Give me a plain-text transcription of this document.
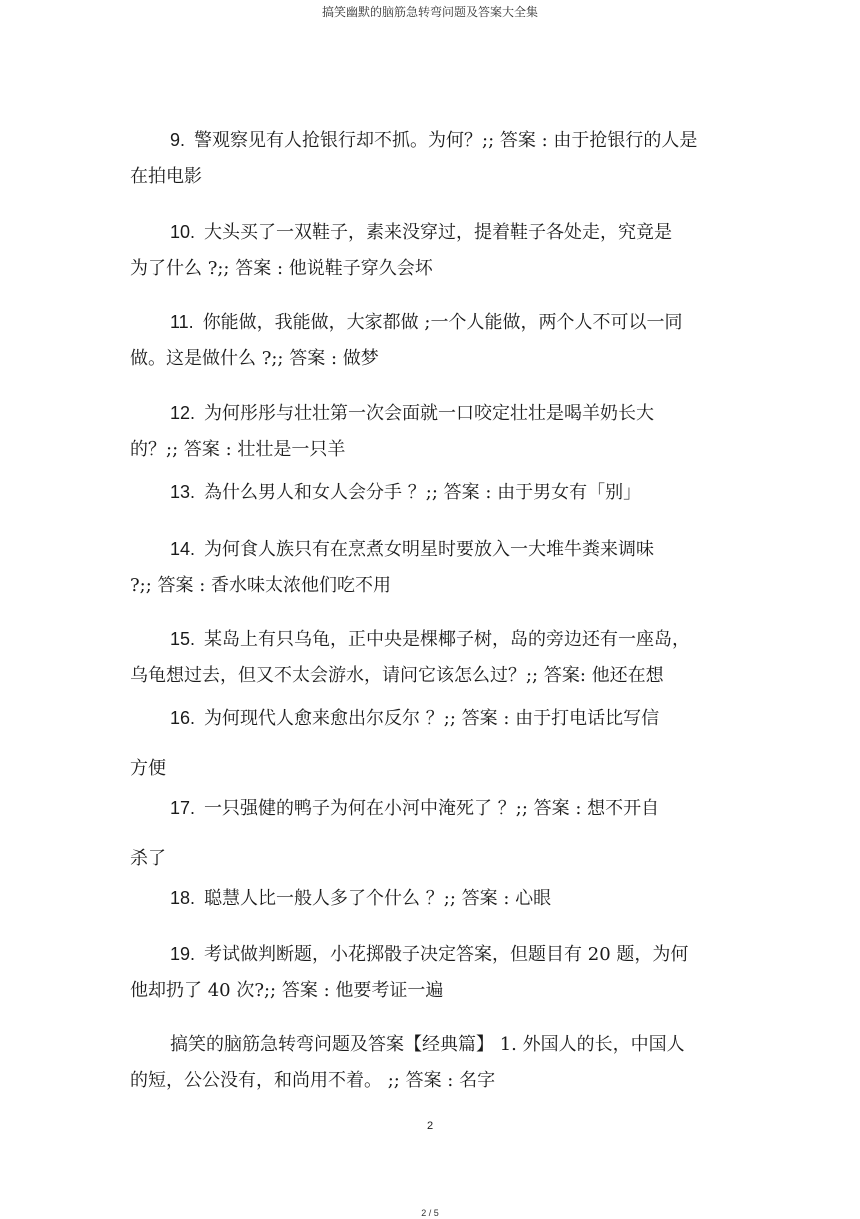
搞笑幽默的脑筋急转弯问题及答案大全集
9.  警观察见有人抢银行却不抓。为何？;; 答案 : 由于抢银行的人是
在拍电影
10.  大头买了一双鞋子，素来没穿过，提着鞋子各处走，究竟是
为了什么 ?;; 答案 : 他说鞋子穿久会坏
11.  你能做，我能做，大家都做 ;一个人能做，两个人不可以一同
做。这是做什么 ?;; 答案 : 做梦
12.  为何彤彤与壮壮第一次会面就一口咬定壮壮是喝羊奶长大
的？;; 答案 : 壮壮是一只羊
13.  為什么男人和女人会分手 ？;; 答案 : 由于男女有「别」
14.  为何食人族只有在烹煮女明星时要放入一大堆牛粪来调味
?;; 答案 : 香水味太浓他们吃不用
15.  某岛上有只乌龟，正中央是棵椰子树，岛的旁边还有一座岛，
乌龟想过去，但又不太会游水，请问它该怎么过？;; 答案: 他还在想
16.  为何现代人愈来愈出尔反尔 ？;; 答案 : 由于打电话比写信
方便
17.  一只强健的鸭子为何在小河中淹死了 ？;; 答案 : 想不开自
杀了
18.  聪慧人比一般人多了个什么 ？;; 答案 : 心眼
19.  考试做判断题，小花掷骰子决定答案，但题目有 20 题，为何
他却扔了 40 次?;; 答案 : 他要考证一遍
搞笑的脑筋急转弯问题及答案【经典篇】 1. 外国人的长，中国人
的短，公公没有，和尚用不着。 ;; 答案 : 名字
2
2 / 5
